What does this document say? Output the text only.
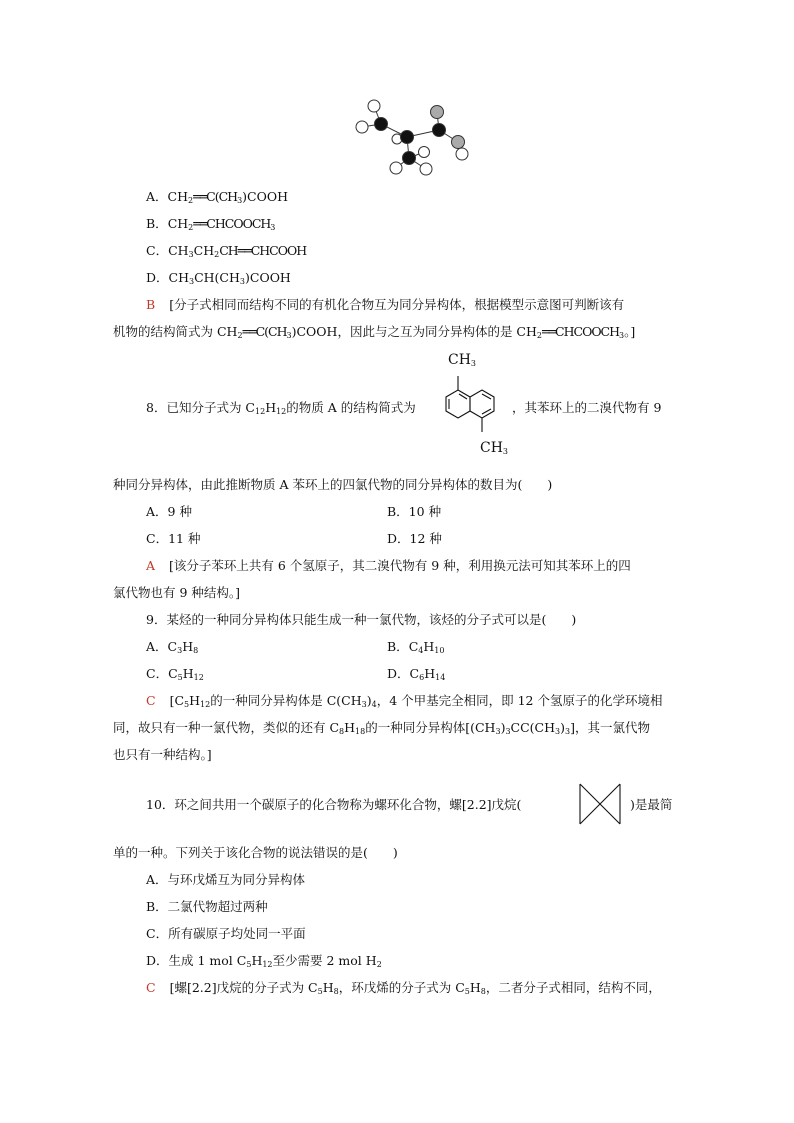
A．$CH_2══C(CH_3)COOH$
B．$CH_2══CHCOOCH_3$
C．$CH_3CH_2CH══CHCOOH$
D．$CH_3CH(CH_3)COOH$
B [分子式相同而结构不同的有机化合物互为同分异构体，根据模型示意图可判断该有
机物的结构简式为 $CH_2══C(CH_3)COOH$，因此与之互为同分异构体的是 $CH_2══CHCOOCH_3$。]
8．已知分子式为 $C_{12}H_{12}$的物质 A 的结构简式为	，其苯环上的二溴代物有 9
$CH_3$
$CH_3$
种同分异构体，由此推断物质 A 苯环上的四氯代物的同分异构体的数目为(　　)
A．9 种	B．10 种
C．11 种	D．12 种
A [该分子苯环上共有 6 个氢原子，其二溴代物有 9 种，利用换元法可知其苯环上的四
氯代物也有 9 种结构。]
9．某烃的一种同分异构体只能生成一种一氯代物，该烃的分子式可以是(　　)
A．$C_3H_8$	B．$C_4H_{10}$
C．$C_5H_{12}$	D．$C_6H_{14}$
C [$C_5H_{12}$的一种同分异构体是 $C(CH_3)_4$，4 个甲基完全相同，即 12 个氢原子的化学环境相
同，故只有一种一氯代物，类似的还有 $C_8H_{18}$的一种同分异构体$[(CH_3)_3CC(CH_3)_3]$，其一氯代物
也只有一种结构。]
10．环之间共用一个碳原子的化合物称为螺环化合物，螺[2.2]戊烷(	)是最简
单的一种。下列关于该化合物的说法错误的是(　　)
A．与环戊烯互为同分异构体
B．二氯代物超过两种
C．所有碳原子均处同一平面
D．生成 1 mol $C_5H_{12}$至少需要 2 mol $H_2$
C [螺[2.2]戊烷的分子式为 $C_5H_8$，环戊烯的分子式为 $C_5H_8$，二者分子式相同，结构不同，
